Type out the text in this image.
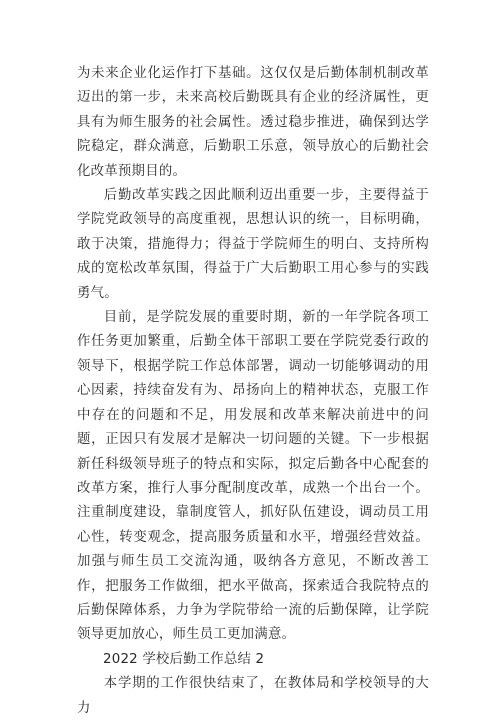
为未来企业化运作打下基础。这仅仅是后勤体制机制改革迈出的第一步，未来高校后勤既具有企业的经济属性，更具有为师生服务的社会属性。透过稳步推进，确保到达学院稳定，群众满意，后勤职工乐意，领导放心的后勤社会化改革预期目的。

后勤改革实践之因此顺利迈出重要一步，主要得益于学院党政领导的高度重视，思想认识的统一，目标明确，敢于决策，措施得力；得益于学院师生的明白、支持所构成的宽松改革氛围，得益于广大后勤职工用心参与的实践勇气。

目前，是学院发展的重要时期，新的一年学院各项工作任务更加繁重，后勤全体干部职工要在学院党委行政的领导下，根据学院工作总体部署，调动一切能够调动的用心因素，持续奋发有为、昂扬向上的精神状态，克服工作中存在的问题和不足，用发展和改革来解决前进中的问题，正因只有发展才是解决一切问题的关键。下一步根据新任科级领导班子的特点和实际，拟定后勤各中心配套的改革方案，推行人事分配制度改革，成熟一个出台一个。注重制度建设，靠制度管人，抓好队伍建设，调动员工用心性，转变观念，提高服务质量和水平，增强经营效益。加强与师生员工交流沟通，吸纳各方意见，不断改善工作，把服务工作做细，把水平做高，探索适合我院特点的后勤保障体系，力争为学院带给一流的后勤保障，让学院领导更加放心，师生员工更加满意。

2022 学校后勤工作总结 2

本学期的工作很快结束了，在教体局和学校领导的大力
